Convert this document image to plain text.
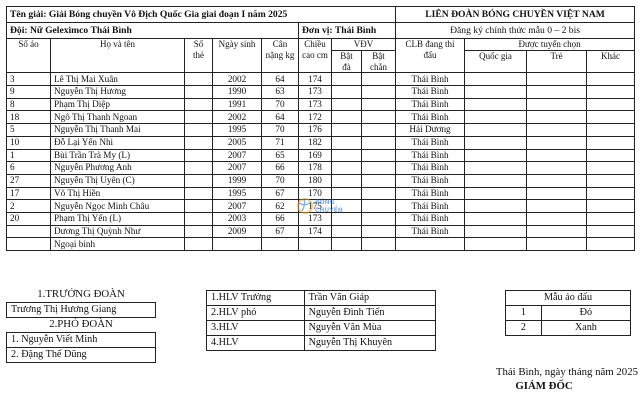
Tên giải: Giải Bóng chuyền Vô Địch Quốc Gia giai đoạn I năm 2025								LIÊN ĐOÀN BÓNG CHUYỀN VIỆT NAM			
Đội: Nữ Geleximco Thái Bình					Đơn vị: Thái Bình			Đăng ký chính thức mẫu 0 – 2 bis			
Số áo	Họ và tên	Số thẻ	Ngày sinh	Cân nặng kg	Chiều cao cm	VĐV		CLB đang thi đấu	Được tuyển chọn		
						Bật đà	Bật chắn		Quốc gia	Trẻ	Khác
3	Lê Thị Mai Xuân		2002	64	174			Thái Bình			
9	Nguyễn Thị Hương		1990	63	173			Thái Bình			
8	Phạm Thị Diệp		1991	70	173			Thái Bình			
18	Ngô Thị Thanh Ngoan		2002	64	172			Thái Bình			
5	Nguyễn Thị Thanh Mai		1995	70	176			Hải Dương			
10	Đỗ Lại Yến Nhi		2005	71	182			Thái Bình			
1	Bùi Trần Trà My (L)		2007	65	169			Thái Bình			
6	Nguyễn Phương Anh		2007	66	178			Thái Bình			
27	Nguyễn Thị Uyên (C)		1999	70	180			Thái Bình			
17	Võ Thị Hiền		1995	67	170			Thái Bình			
2	Nguyễn Ngọc Minh Châu		2007	62	175			Thái Bình			
20	Phạm Thị Yến (L)		2003	66	173			Thái Bình			
	Dương Thị Quỳnh Như		2009	67	174			Thái Bình			
	Ngoại binh										
BÓNG
CHUYỀN
1.TRƯỞNG ĐOÀN
Trương Thị Hương Giang
2.PHÓ ĐOÀN
1. Nguyễn Viết Minh
2. Đặng Thế Dũng
1.HLV Trưởng	Trần Văn Giáp
2.HLV phó	Nguyễn Đình Tiến
3.HLV	Nguyễn Văn Mùa
4.HLV	Nguyễn Thị Khuyên
Mẫu áo đấu	
1	Đỏ
2	Xanh
Thái Bình, ngày tháng năm 2025
GIÁM ĐỐC
